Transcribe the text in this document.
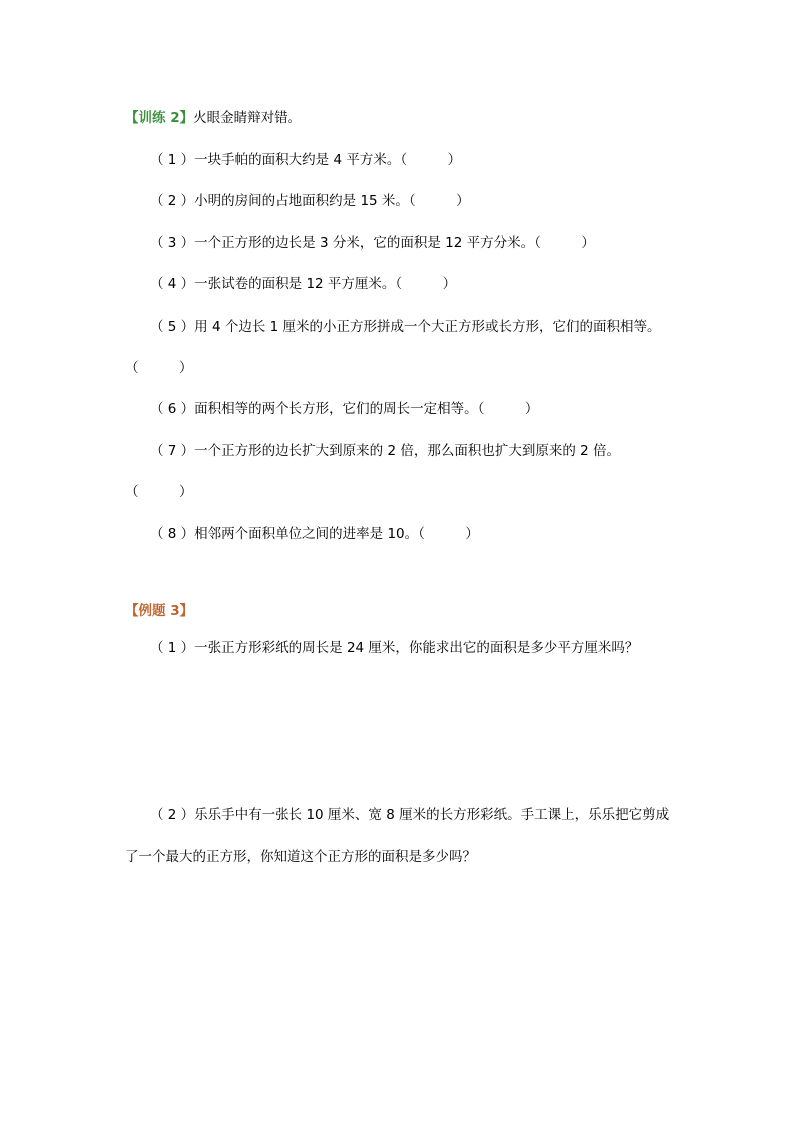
【训练 2】火眼金睛辩对错。
（ 1 ）一块手帕的面积大约是 4 平方米。（　　　）
（ 2 ）小明的房间的占地面积约是 15 米。（　　　）
（ 3 ）一个正方形的边长是 3 分米，它的面积是 12 平方分米。（　　　）
（ 4 ）一张试卷的面积是 12 平方厘米。（　　　）
（ 5 ）用 4 个边长 1 厘米的小正方形拼成一个大正方形或长方形，它们的面积相等。
（　　　）
（ 6 ）面积相等的两个长方形，它们的周长一定相等。（　　　）
（ 7 ）一个正方形的边长扩大到原来的 2 倍，那么面积也扩大到原来的 2 倍。
（　　　）
（ 8 ）相邻两个面积单位之间的进率是 10。（　　　）
【例题 3】
（ 1 ）一张正方形彩纸的周长是 24 厘米，你能求出它的面积是多少平方厘米吗？
（ 2 ）乐乐手中有一张长 10 厘米、宽 8 厘米的长方形彩纸。手工课上，乐乐把它剪成
了一个最大的正方形，你知道这个正方形的面积是多少吗？
